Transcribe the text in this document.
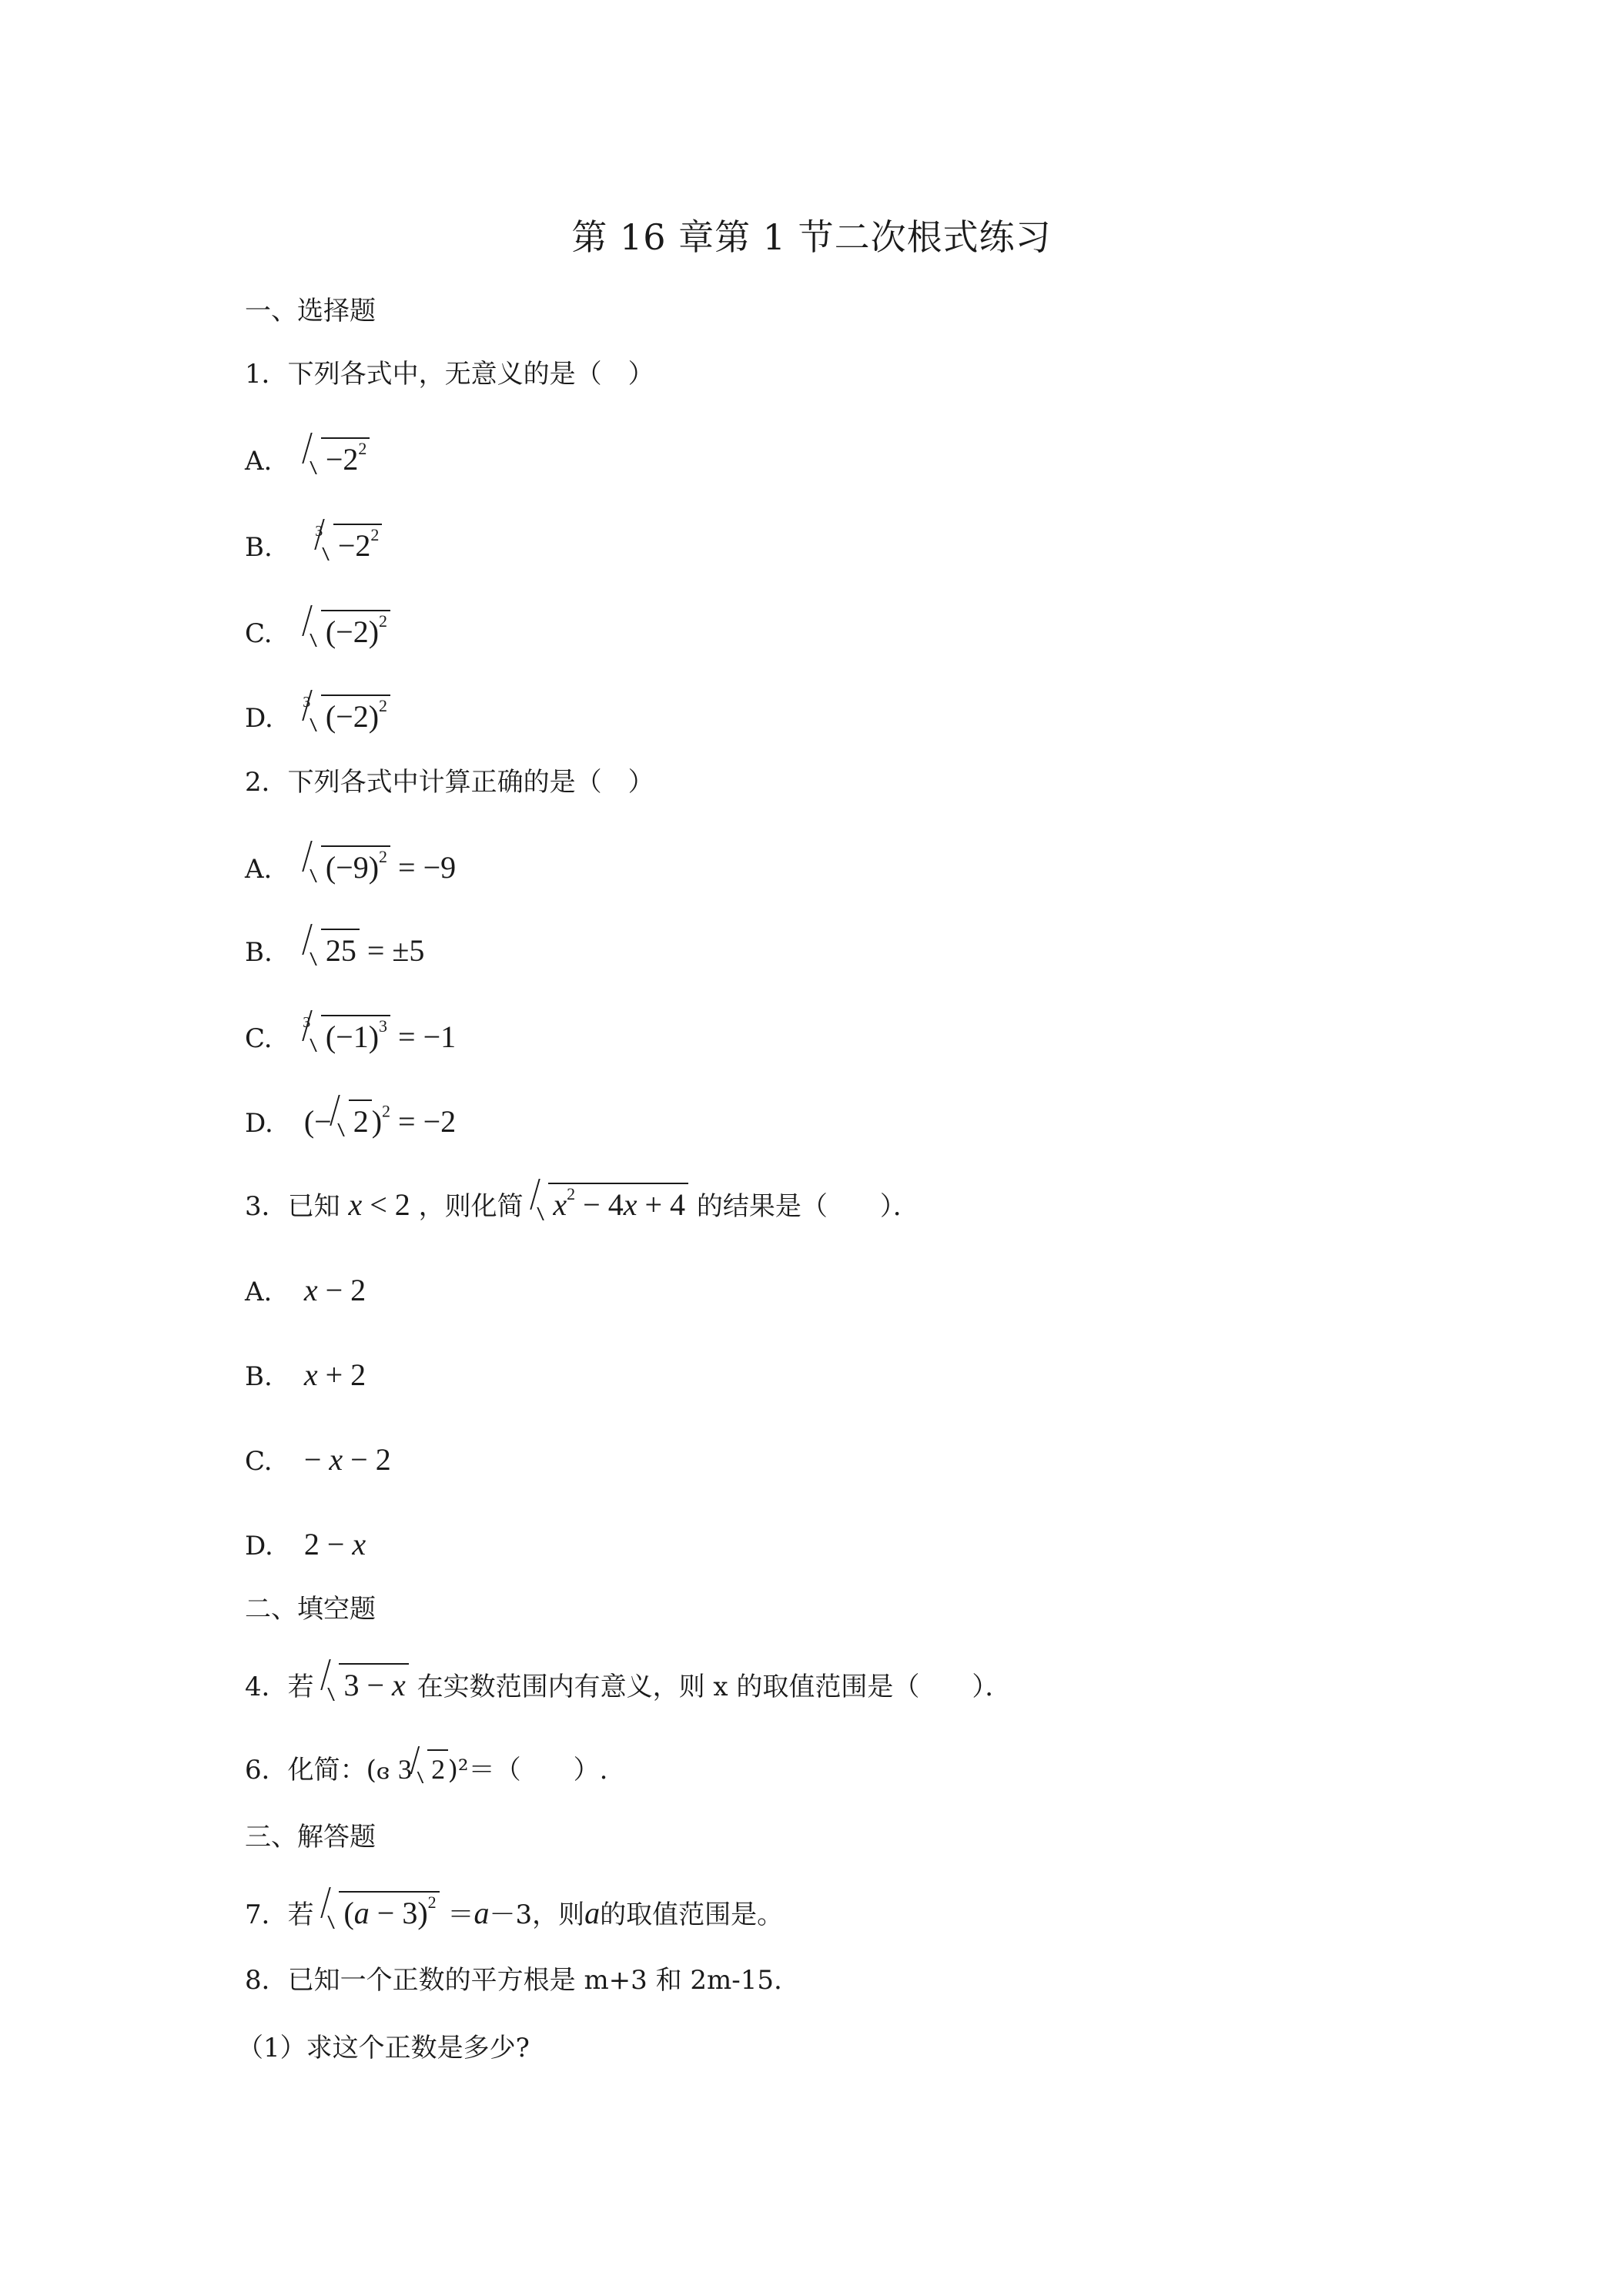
第 16 章第 1 节二次根式练习
一、选择题
1．下列各式中，无意义的是（　）
A. $-2^2$
B.
$3 -2^2$
C. $(-2)^2$
D.
3 $(-2)^2$
2．下列各式中计算正确的是（　）
A. $(-9)^2 = -9$
B. 25 = ±5
C.
3 $(-1)^3 = -1$
D. (− 2 )$^2$ = −2
3．已知 x < 2 ，则化简 $x^2 - 4x + 4$ 的结果是（　　）．
A. x − 2
B. x + 2
C. − x − 2
D. 2 − x
二、填空题
4．若 3 − x 在实数范围内有意义，则 x 的取值范围是（　　）．
6．化简：(ɞ 3 2 )²＝（　　）.
三、解答题
7．若 $(a - 3)^2 =a-3$，则a的取值范围是。
8．已知一个正数的平方根是 m+3 和 2m-15.
（1）求这个正数是多少?
